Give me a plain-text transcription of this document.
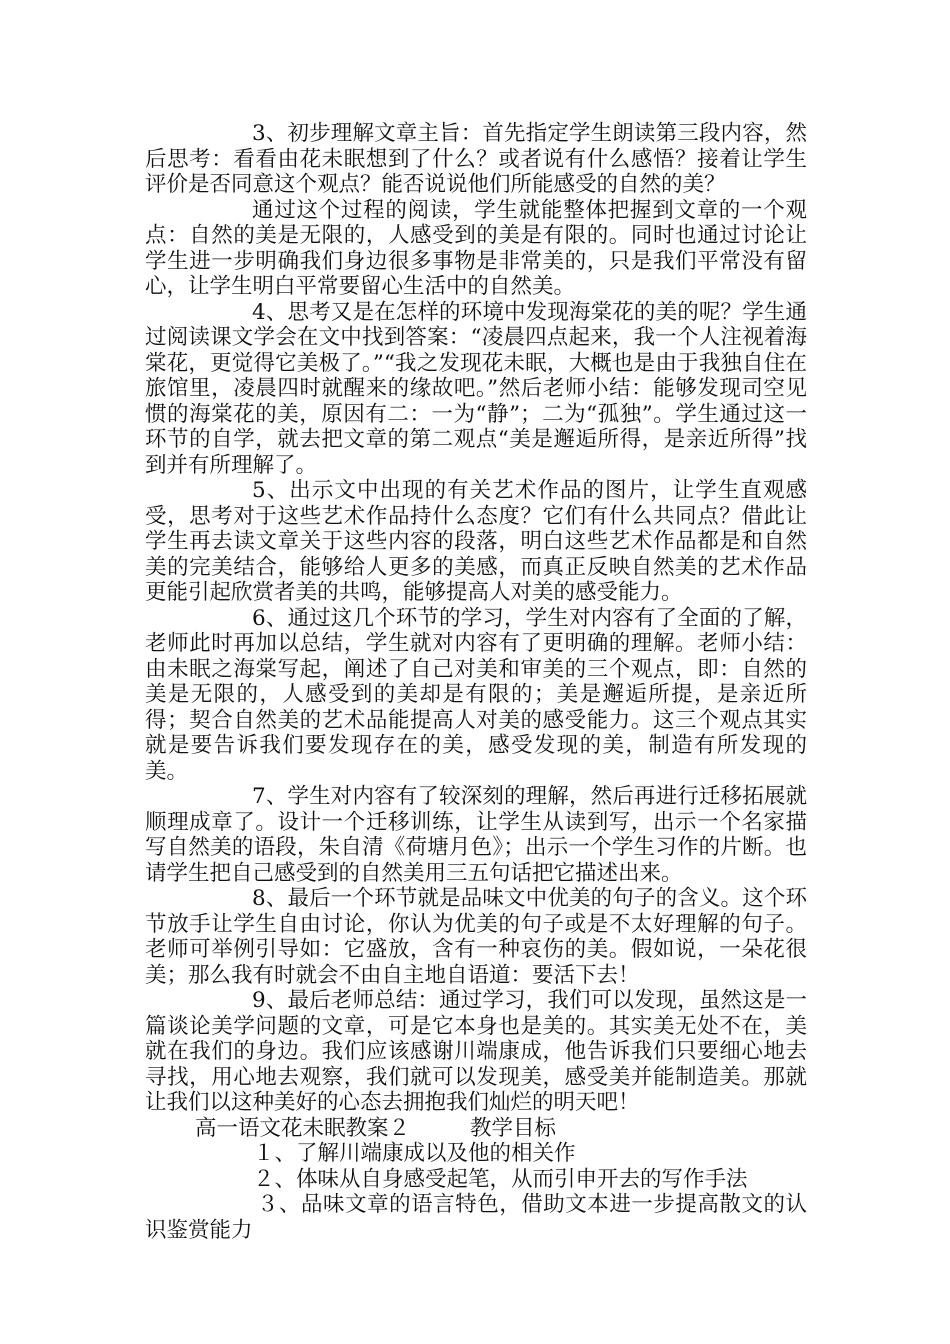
3、初步理解文章主旨：首先指定学生朗读第三段内容，然后思考：看看由花未眠想到了什么？或者说有什么感悟？接着让学生评价是否同意这个观点？能否说说他们所能感受的自然的美？

通过这个过程的阅读，学生就能整体把握到文章的一个观点：自然的美是无限的，人感受到的美是有限的。同时也通过讨论让学生进一步明确我们身边很多事物是非常美的，只是我们平常没有留心，让学生明白平常要留心生活中的自然美。

4、思考又是在怎样的环境中发现海棠花的美的呢？学生通过阅读课文学会在文中找到答案：“凌晨四点起来，我一个人注视着海棠花，更觉得它美极了。”“我之发现花未眠，大概也是由于我独自住在旅馆里，凌晨四时就醒来的缘故吧。”然后老师小结：能够发现司空见惯的海棠花的美，原因有二：一为“静”；二为“孤独”。学生通过这一环节的自学，就去把文章的第二观点“美是邂逅所得，是亲近所得”找到并有所理解了。

5、出示文中出现的有关艺术作品的图片，让学生直观感受，思考对于这些艺术作品持什么态度？它们有什么共同点？借此让学生再去读文章关于这些内容的段落，明白这些艺术作品都是和自然美的完美结合，能够给人更多的美感，而真正反映自然美的艺术作品更能引起欣赏者美的共鸣，能够提高人对美的感受能力。

6、通过这几个环节的学习，学生对内容有了全面的了解，老师此时再加以总结，学生就对内容有了更明确的理解。老师小结：由未眠之海棠写起，阐述了自己对美和审美的三个观点，即：自然的美是无限的，人感受到的美却是有限的；美是邂逅所提，是亲近所得；契合自然美的艺术品能提高人对美的感受能力。这三个观点其实就是要告诉我们要发现存在的美，感受发现的美，制造有所发现的美。

7、学生对内容有了较深刻的理解，然后再进行迁移拓展就顺理成章了。设计一个迁移训练，让学生从读到写，出示一个名家描写自然美的语段，朱自清《荷塘月色》；出示一个学生习作的片断。也请学生把自己感受到的自然美用三五句话把它描述出来。

8、最后一个环节就是品味文中优美的句子的含义。这个环节放手让学生自由讨论，你认为优美的句子或是不太好理解的句子。老师可举例引导如：它盛放，含有一种哀伤的美。假如说，一朵花很美；那么我有时就会不由自主地自语道：要活下去！

9、最后老师总结：通过学习，我们可以发现，虽然这是一篇谈论美学问题的文章，可是它本身也是美的。其实美无处不在，美就在我们的身边。我们应该感谢川端康成，他告诉我们只要细心地去寻找，用心地去观察，我们就可以发现美，感受美并能制造美。那就让我们以这种美好的心态去拥抱我们灿烂的明天吧！

高一语文花未眠教案２	教学目标

１、了解川端康成以及他的相关作

２、体味从自身感受起笔，从而引申开去的写作手法

３、品味文章的语言特色，借助文本进一步提高散文的认识鉴赏能力
